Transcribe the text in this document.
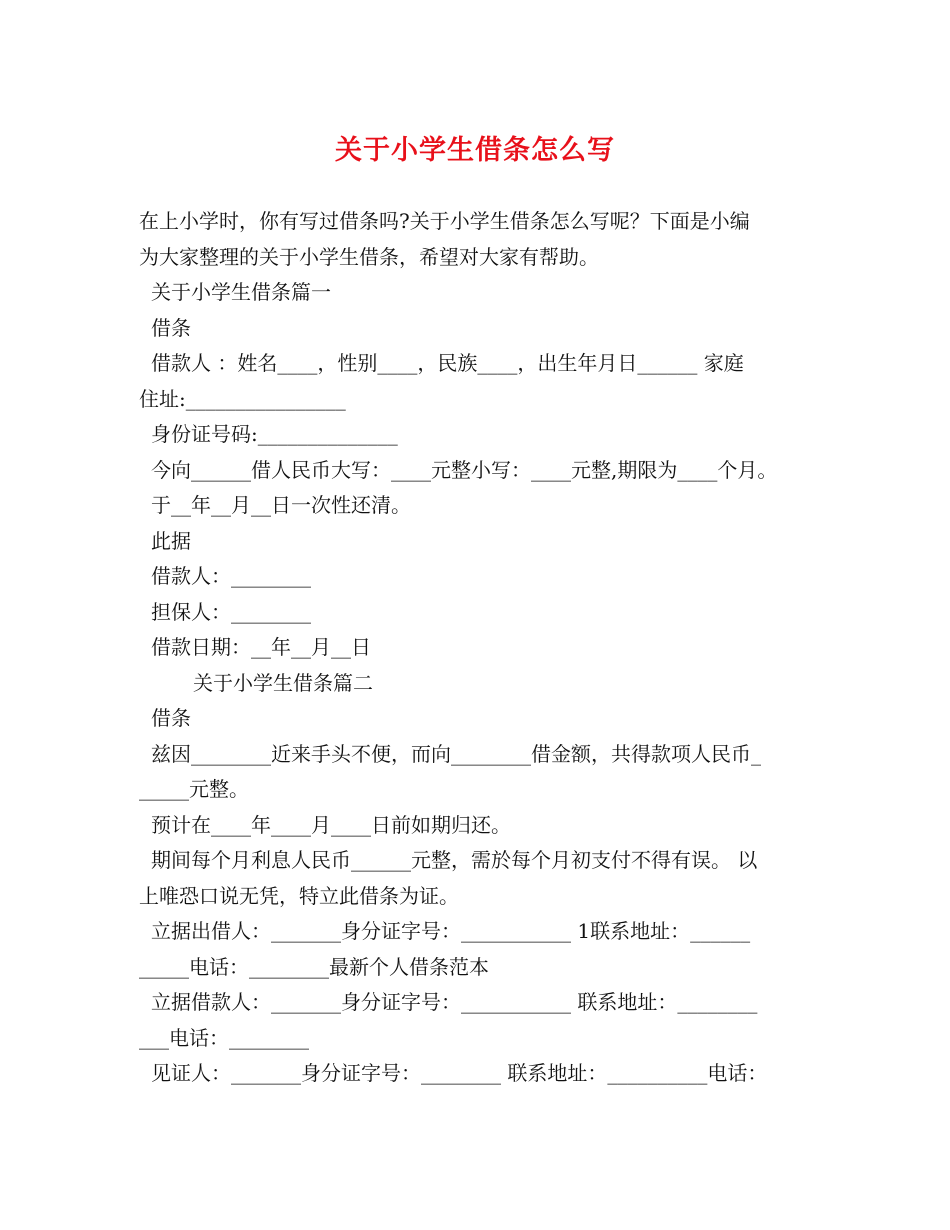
关于小学生借条怎么写
在上小学时，你有写过借条吗?关于小学生借条怎么写呢？下面是小编
为大家整理的关于小学生借条，希望对大家有帮助。
关于小学生借条篇一
借条
借款人 ：姓名____，性别____，民族____，出生年月日______ 家庭
住址:________________
身份证号码:______________
今向______借人民币大写：____元整小写：____元整,期限为____个月。
于__年__月__日一次性还清。
此据
借款人：________
担保人：________
借款日期：__年__月__日
关于小学生借条篇二
借条
兹因________近来手头不便，而向________借金额，共得款项人民币_
_____元整。
预计在____年____月____日前如期归还。
期间每个月利息人民币______元整，需於每个月初支付不得有误。 以
上唯恐口说无凭，特立此借条为证。
立据出借人：_______身分证字号：___________ 1联系地址：______
_____电话：________最新个人借条范本
立据借款人：_______身分证字号：___________ 联系地址：________
___电话：________
见证人：_______身分证字号：________ 联系地址：__________电话：
